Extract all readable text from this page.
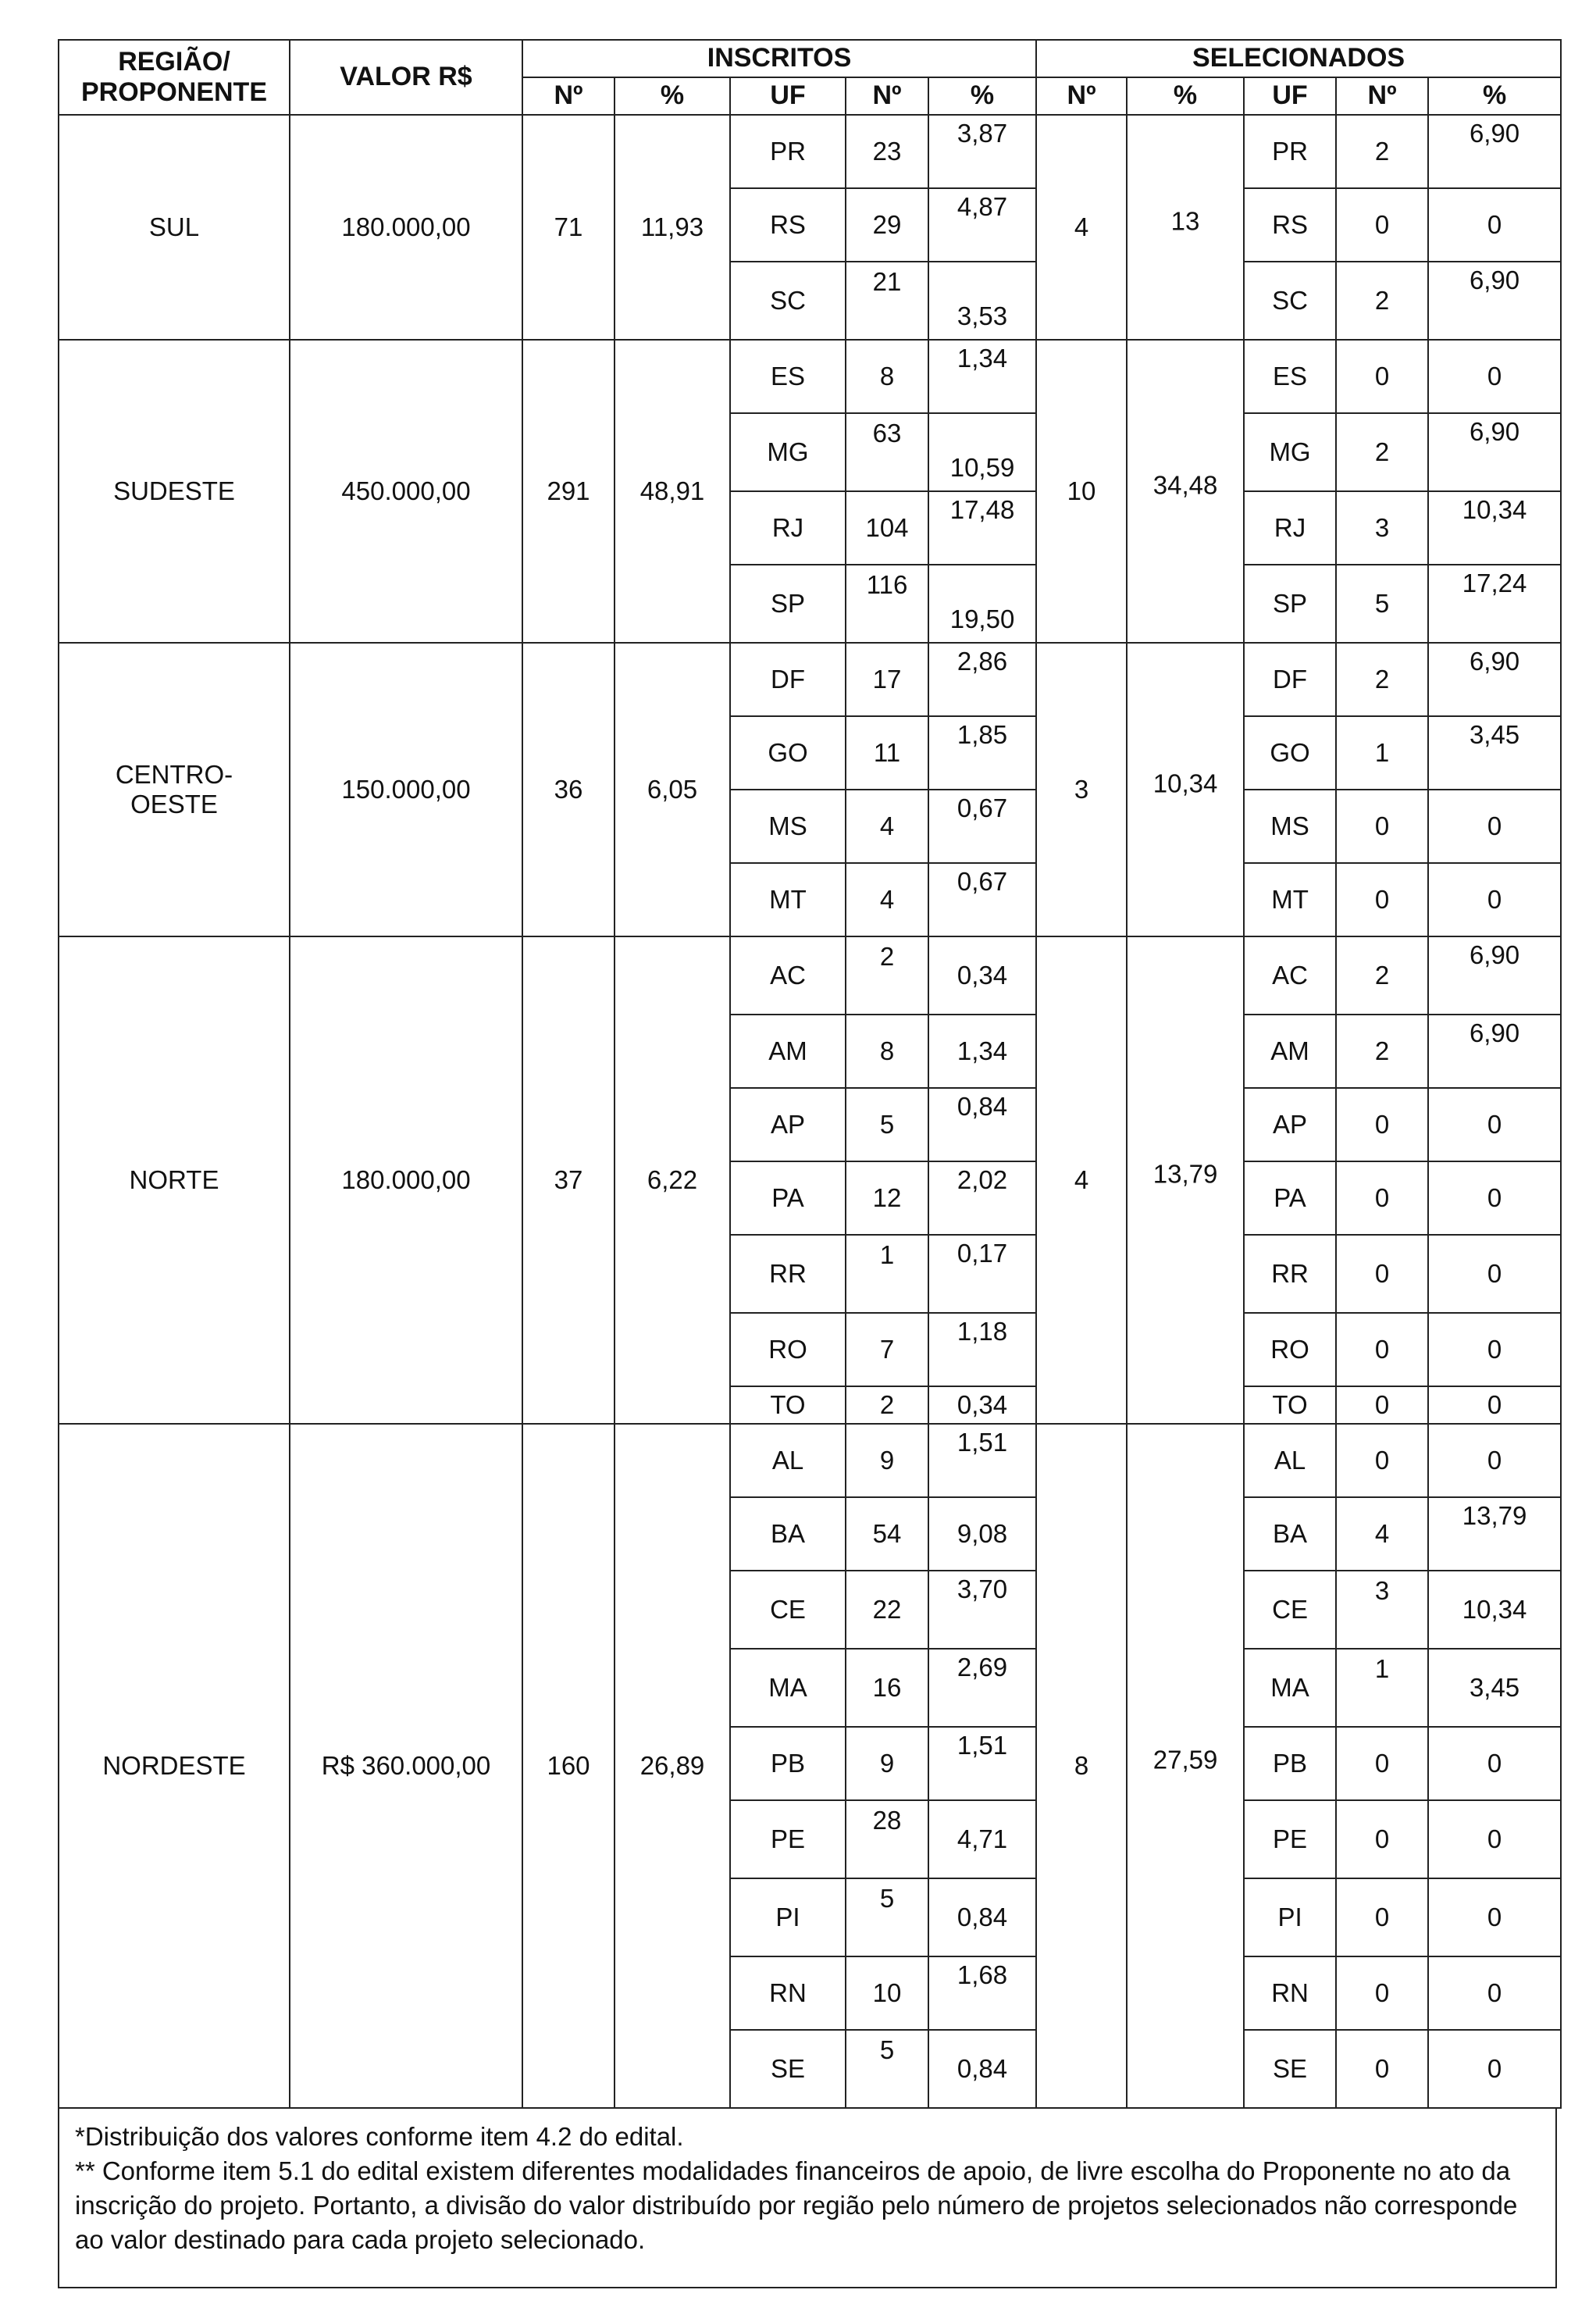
REGIÃO/
PROPONENTE	VALOR R$	INSCRITOS					SELECIONADOS				
		Nº	%	UF	Nº	%	Nº	%	UF	Nº	%
SUL	180.000,00	71	11,93	PR	23	3,87	4	13	PR	2	6,90

				RS	29	4,87			RS	0	0

				SC	21	3,53			SC	2	6,90

SUDESTE	450.000,00	291	48,91	ES	8	1,34	10	34,48	ES	0	0

				MG	63	10,59			MG	2	6,90

				RJ	104	17,48			RJ	3	10,34

				SP	116	19,50			SP	5	17,24

CENTRO-
OESTE	150.000,00	36	6,05	DF	17	2,86	3	10,34	DF	2	6,90

				GO	11	1,85			GO	1	3,45

				MS	4	0,67			MS	0	0

				MT	4	0,67			MT	0	0

NORTE	180.000,00	37	6,22	AC	2	0,34	4	13,79	AC	2	6,90

				AM	8	1,34			AM	2	6,90

				AP	5	0,84			AP	0	0

				PA	12	2,02			PA	0	0

				RR	1	0,17			RR	0	0

				RO	7	1,18			RO	0	0

				TO	2	0,34			TO	0	0

NORDESTE	R$ 360.000,00	160	26,89	AL	9	1,51	8	27,59	AL	0	0

				BA	54	9,08			BA	4	13,79

				CE	22	3,70			CE	3	10,34

				MA	16	2,69			MA	1	3,45

				PB	9	1,51			PB	0	0

				PE	28	4,71			PE	0	0

				PI	5	0,84			PI	0	0

				RN	10	1,68			RN	0	0

				SE	5	0,84			SE	0	0

*Distribuição dos valores conforme item 4.2 do edital.

** Conforme item 5.1 do edital existem diferentes modalidades financeiros de apoio, de livre escolha do Proponente no ato da inscrição do projeto. Portanto, a divisão do valor distribuído por região pelo número de projetos selecionados não corresponde ao valor destinado para cada projeto selecionado.
